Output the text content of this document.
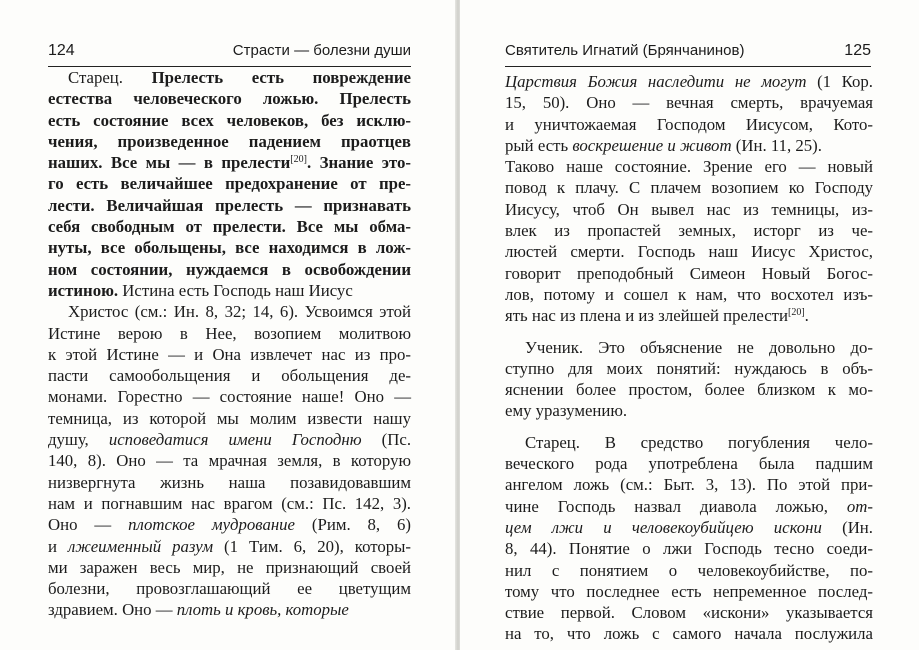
124	Страсти — болезни души
Старец. Прелесть есть повреждение
естества человеческого ложью. Прелесть
есть состояние всех человеков, без исклю-
чения, произведенное падением праотцев
наших. Все мы — в прелести[20]. Знание это-
го есть величайшее предохранение от пре-
лести. Величайшая прелесть — признавать
себя свободным от прелести. Все мы обма-
нуты, все обольщены, все находимся в лож-
ном состоянии, нуждаемся в освобождении
истиною. Истина есть Господь наш Иисус
Христос (см.: Ин. 8, 32; 14, 6). Усвоимся этой
Истине верою в Нее, возопием молитвою
к этой Истине — и Она извлечет нас из про-
пасти самообольщения и обольщения де-
монами. Горестно — состояние наше! Оно —
темница, из которой мы молим извести нашу
душу, исповедатися имени Господню (Пс.
140, 8). Оно — та мрачная земля, в которую
низвергнута жизнь наша позавидовавшим
нам и погнавшим нас врагом (см.: Пс. 142, 3).
Оно — плотское мудрование (Рим. 8, 6)
и лжеименный разум (1 Тим. 6, 20), которы-
ми заражен весь мир, не признающий своей
болезни, провозглашающий ее цветущим
здравием. Оно — плоть и кровь, которые
Святитель Игнатий (Брянчанинов)	125
Царствия Божия наследити не могут (1 Кор.
15, 50). Оно — вечная смерть, врачуемая
и уничтожаемая Господом Иисусом, Кото-
рый есть воскрешение и живот (Ин. 11, 25).
Таково наше состояние. Зрение его — новый
повод к плачу. С плачем возопием ко Господу
Иисусу, чтоб Он вывел нас из темницы, из-
влек из пропастей земных, исторг из че-
люстей смерти. Господь наш Иисус Христос,
говорит преподобный Симеон Новый Богос-
лов, потому и сошел к нам, что восхотел изъ-
ять нас из плена и из злейшей прелести[20].
Ученик. Это объяснение не довольно до-
ступно для моих понятий: нуждаюсь в объ-
яснении более простом, более близком к мо-
ему уразумению.
Старец. В средство погубления чело-
веческого рода употреблена была падшим
ангелом ложь (см.: Быт. 3, 13). По этой при-
чине Господь назвал диавола ложью, от-
цем лжи и человекоубийцею искони (Ин.
8, 44). Понятие о лжи Господь тесно соеди-
нил с понятием о человекоубийстве, по-
тому что последнее есть непременное послед-
ствие первой. Словом «искони» указывается
на то, что ложь с самого начала послужила
